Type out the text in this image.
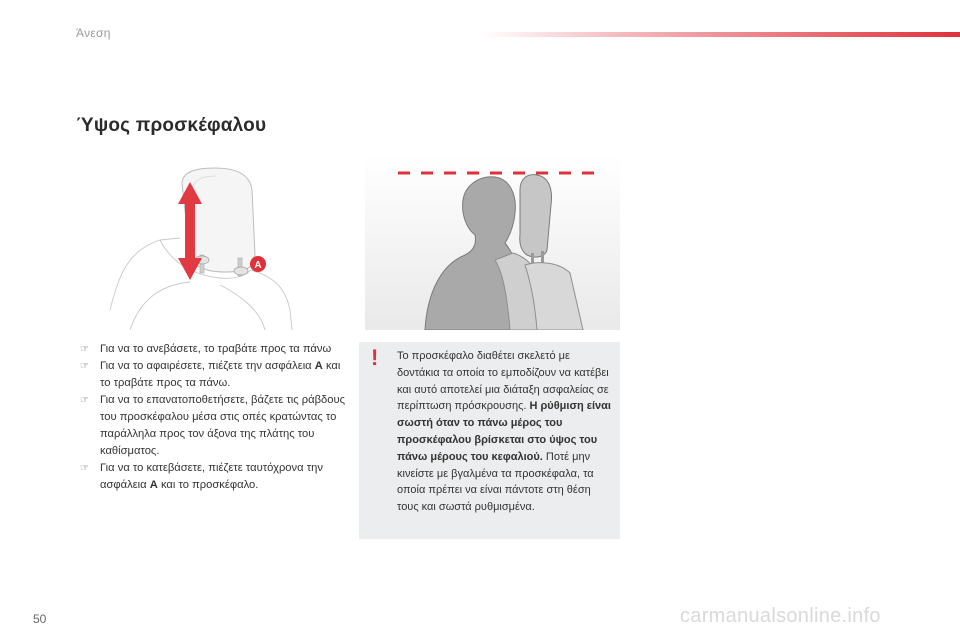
Άνεση
Ύψος προσκέφαλου
A
☞ Για να το ανεβάσετε, το τραβάτε προς τα πάνω
☞ Για να το αφαιρέσετε, πιέζετε την ασφάλεια A και το τραβάτε προς τα πάνω.
☞ Για να το επανατοποθετήσετε, βάζετε τις ράβδους του προσκέφαλου μέσα στις οπές κρατώντας το παράλληλα προς τον άξονα της πλάτης του καθίσματος.
☞ Για να το κατεβάσετε, πιέζετε ταυτόχρονα την ασφάλεια A και το προσκέφαλο.
! Το προσκέφαλο διαθέτει σκελετό με δοντάκια τα οποία το εμποδίζουν να κατέβει και αυτό αποτελεί μια διάταξη ασφαλείας σε περίπτωση πρόσκρουσης. Η ρύθμιση είναι σωστή όταν το πάνω μέρος του προσκέφαλου βρίσκεται στο ύψος του πάνω μέρους του κεφαλιού. Ποτέ μην κινείστε με βγαλμένα τα προσκέφαλα, τα οποία πρέπει να είναι πάντοτε στη θέση τους και σωστά ρυθμισμένα.

50	carmanualsonline.info
